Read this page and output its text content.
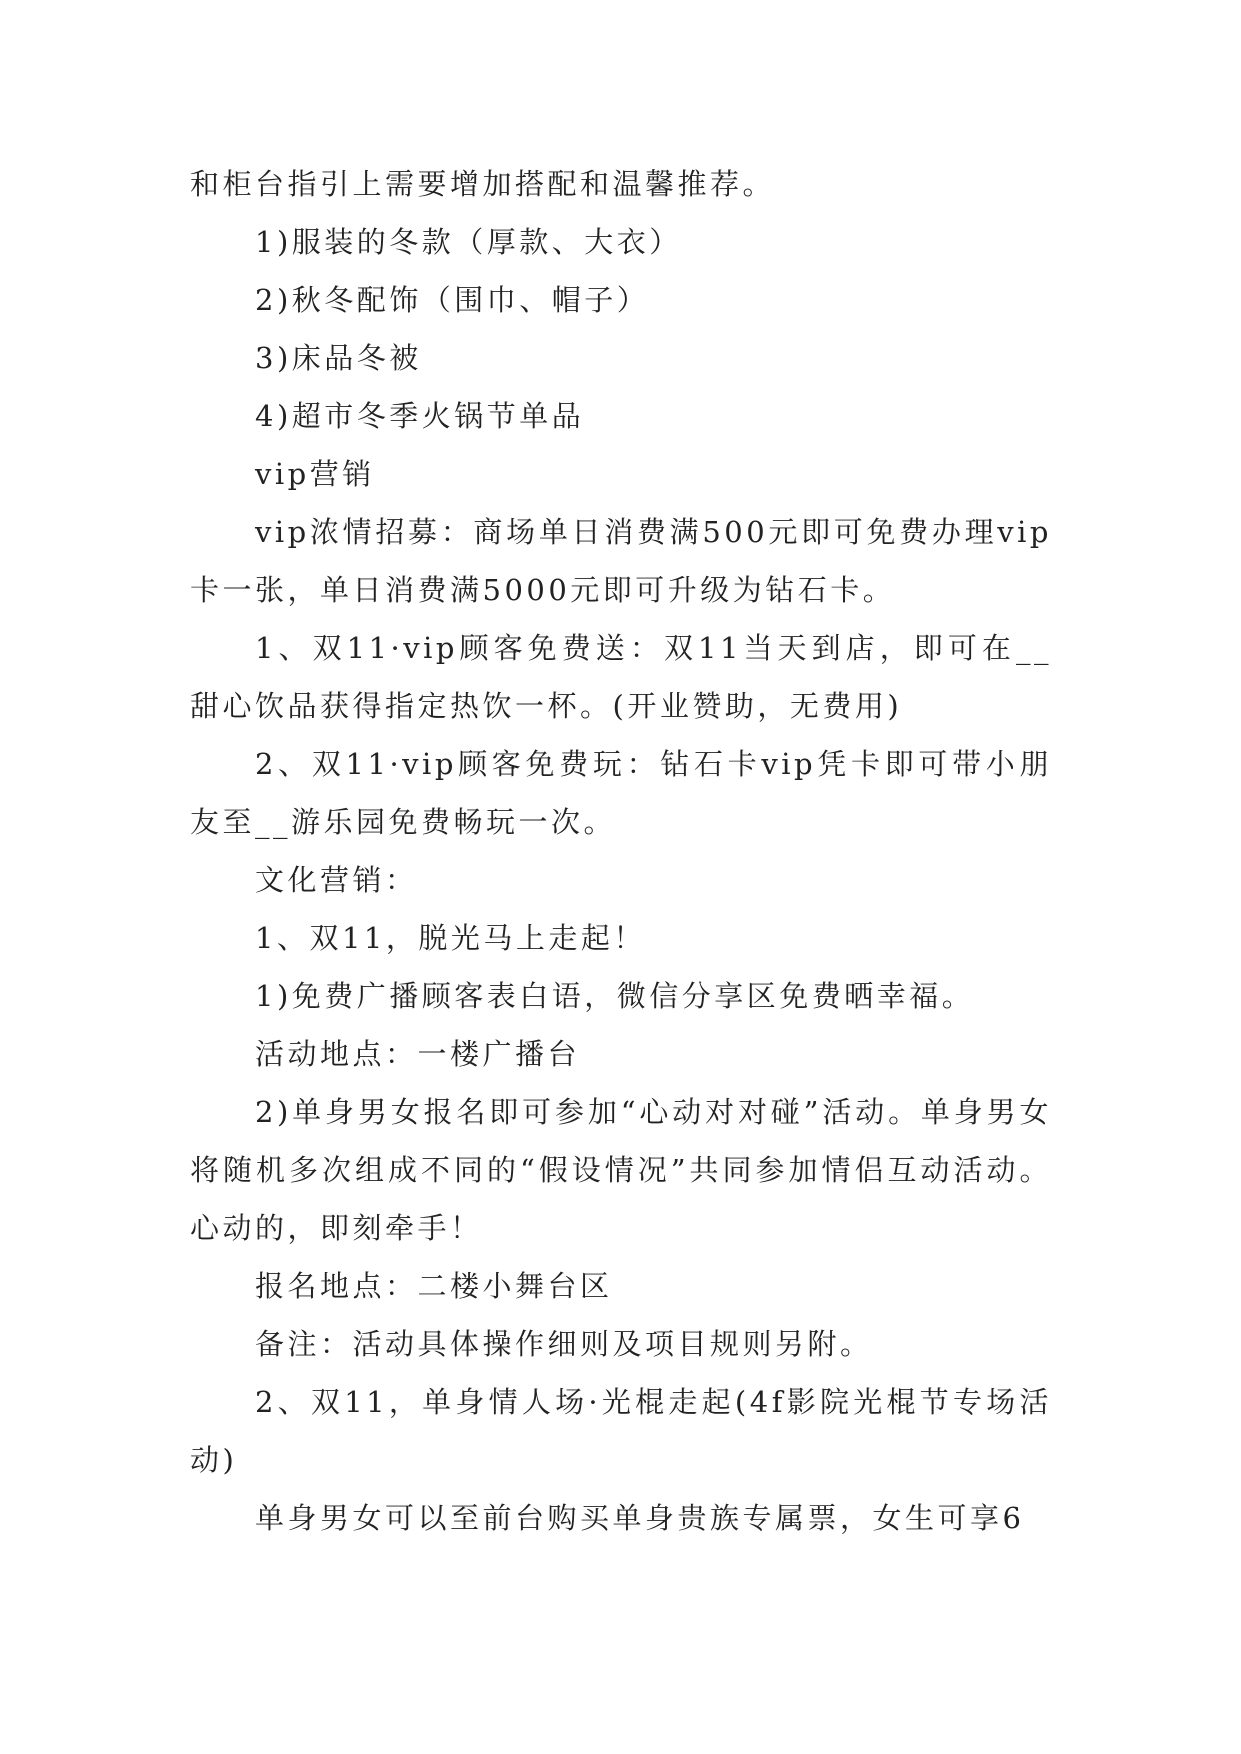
和柜台指引上需要增加搭配和温馨推荐。

1)服装的冬款（厚款、大衣）

2)秋冬配饰（围巾、帽子）

3)床品冬被

4)超市冬季火锅节单品

vip营销

vip浓情招募：商场单日消费满500元即可免费办理vip卡一张，单日消费满5000元即可升级为钻石卡。

1、双11·vip顾客免费送：双11当天到店，即可在__甜心饮品获得指定热饮一杯。(开业赞助，无费用)

2、双11·vip顾客免费玩：钻石卡vip凭卡即可带小朋友至__游乐园免费畅玩一次。

文化营销：

1、双11，脱光马上走起！

1)免费广播顾客表白语，微信分享区免费晒幸福。

活动地点：一楼广播台

2)单身男女报名即可参加“心动对对碰”活动。单身男女将随机多次组成不同的“假设情况”共同参加情侣互动活动。心动的，即刻牵手！

报名地点：二楼小舞台区

备注：活动具体操作细则及项目规则另附。

2、双11，单身情人场·光棍走起(4f影院光棍节专场活动)

单身男女可以至前台购买单身贵族专属票，女生可享6
